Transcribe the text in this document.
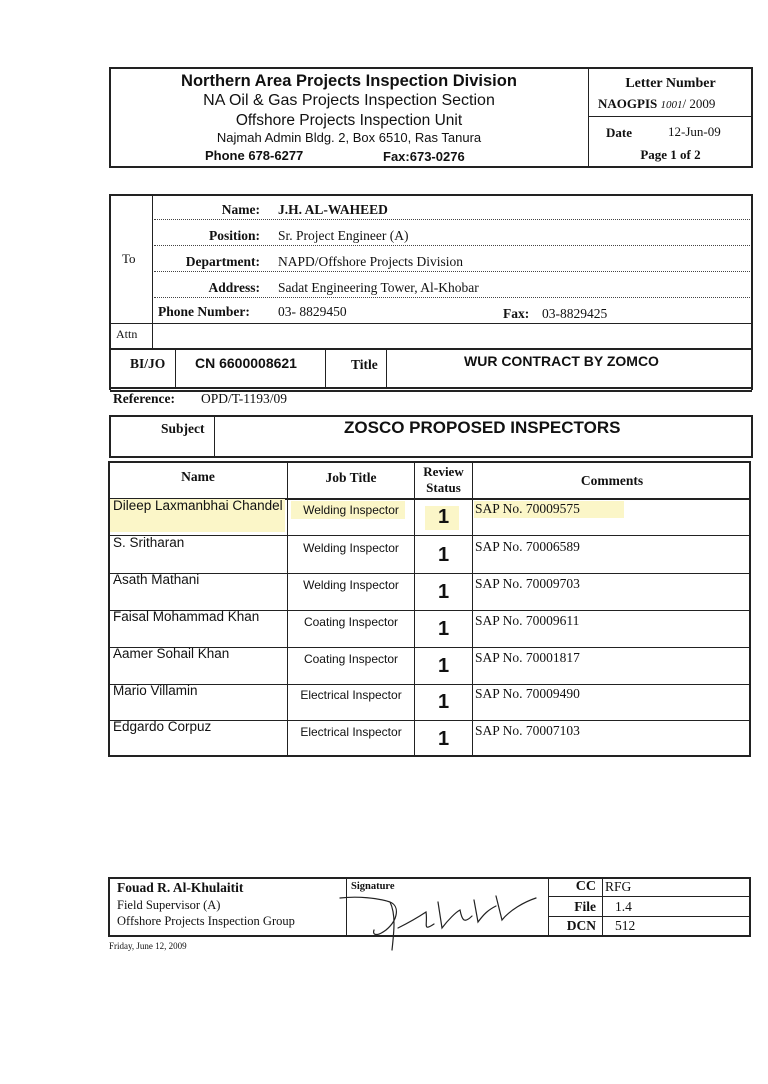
Northern Area Projects Inspection Division
NA Oil & Gas Projects Inspection Section
Offshore Projects Inspection Unit
Najmah Admin Bldg. 2, Box 6510, Ras Tanura
Phone 678-6277	Fax:673-0276
Letter Number
NAOGPIS 1001/ 2009
Date	12-Jun-09
Page 1 of 2
To
Attn
Name: J.H. AL-WAHEED
Position: Sr. Project Engineer (A)
Department: NAPD/Offshore Projects Division
Address: Sadat Engineering Tower, Al-Khobar
Phone Number: 03- 8829450	Fax: 03-8829425
BI/JO CN 6600008621	Title	WUR CONTRACT BY ZOMCO
Reference: OPD/T-1193/09
Subject	ZOSCO PROPOSED INSPECTORS
Name	Job Title	Review Status	Comments
Dileep Laxmanbhai Chandel	Welding Inspector	1	SAP No. 70009575
S. Sritharan	Welding Inspector	1	SAP No. 70006589
Asath Mathani	Welding Inspector	1	SAP No. 70009703
Faisal Mohammad Khan	Coating Inspector	1	SAP No. 70009611
Aamer Sohail Khan	Coating Inspector	1	SAP No. 70001817
Mario Villamin	Electrical Inspector	1	SAP No. 70009490
Edgardo Corpuz	Electrical Inspector	1	SAP No. 70007103
Fouad R. Al-Khulaitit
Field Supervisor (A)
Offshore Projects Inspection Group
Signature	CC RFG
File 1.4
DCN 512
Friday, June 12, 2009
